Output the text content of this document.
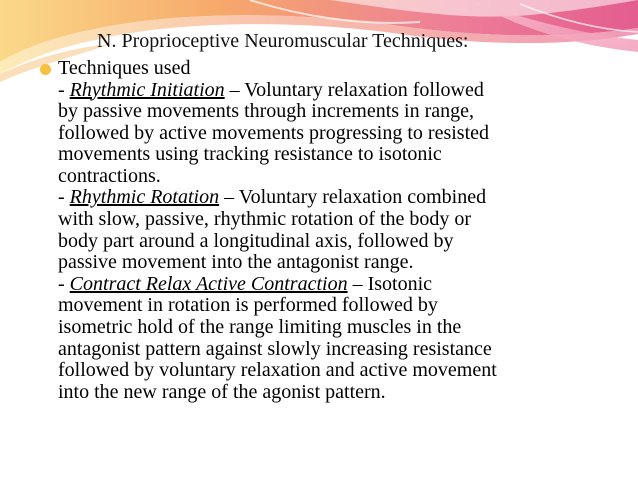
N. Proprioceptive Neuromuscular Techniques:
Techniques used

- Rhythmic Initiation – Voluntary relaxation followed
by passive movements through increments in range,
followed by active movements progressing to resisted
movements using tracking resistance to isotonic
contractions.

- Rhythmic Rotation – Voluntary relaxation combined
with slow, passive, rhythmic rotation of the body or
body part around a longitudinal axis, followed by
passive movement into the antagonist range.

- Contract Relax Active Contraction – Isotonic
movement in rotation is performed followed by
isometric hold of the range limiting muscles in the
antagonist pattern against slowly increasing resistance
followed by voluntary relaxation and active movement
into the new range of the agonist pattern.
